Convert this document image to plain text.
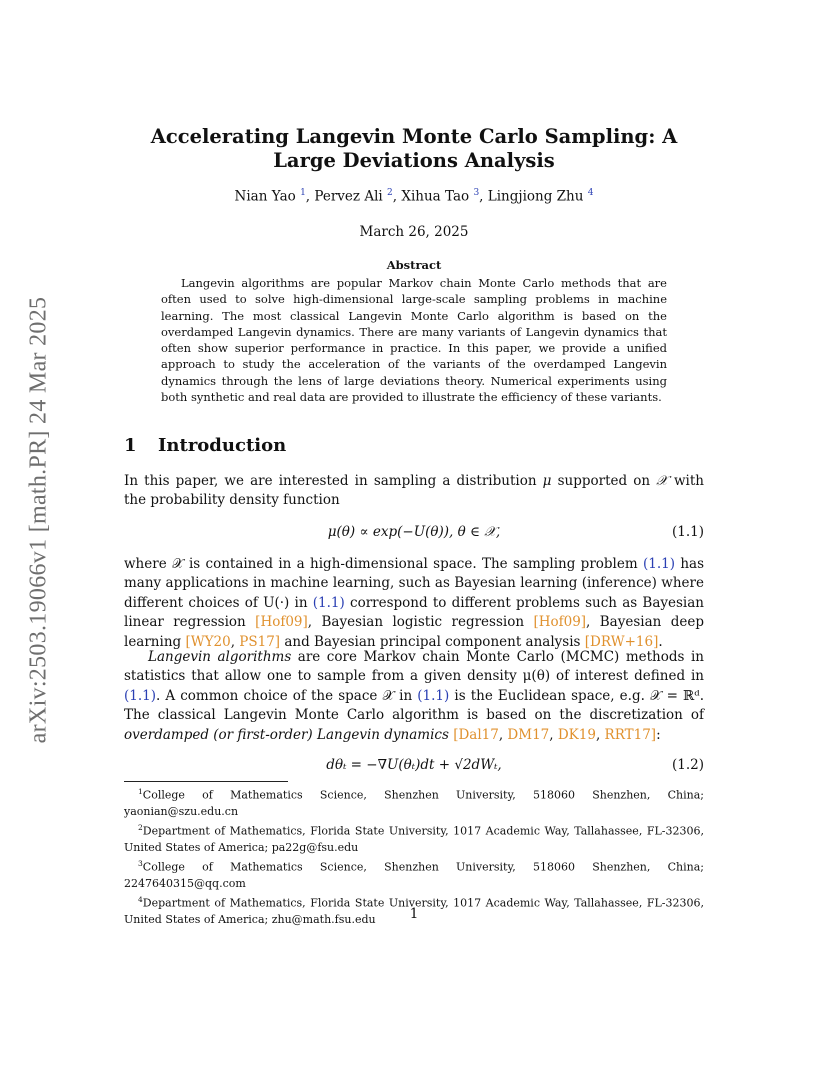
arXiv:2503.19066v1 [math.PR] 24 Mar 2025
Accelerating Langevin Monte Carlo Sampling: A Large Deviations Analysis
Nian Yao $^1$, Pervez Ali $^2$, Xihua Tao $^3$, Lingjiong Zhu $^4$
March 26, 2025
Abstract
Langevin algorithms are popular Markov chain Monte Carlo methods that are often used to solve high-dimensional large-scale sampling problems in machine learning. The most classical Langevin Monte Carlo algorithm is based on the overdamped Langevin dynamics. There are many variants of Langevin dynamics that often show superior performance in practice. In this paper, we provide a unified approach to study the acceleration of the variants of the overdamped Langevin dynamics through the lens of large deviations theory. Numerical experiments using both synthetic and real data are provided to illustrate the efficiency of these variants.
1 Introduction
In this paper, we are interested in sampling a distribution μ supported on 𝒳 with the probability density function
μ(θ) ∝ exp(−U(θ)), θ ∈ 𝒳,	(1.1)
where 𝒳 is contained in a high-dimensional space. The sampling problem (1.1) has many applications in machine learning, such as Bayesian learning (inference) where different choices of U(·) in (1.1) correspond to different problems such as Bayesian linear regression [Hof09], Bayesian logistic regression [Hof09], Bayesian deep learning [WY20, PS17] and Bayesian principal component analysis [DRW+16].
Langevin algorithms are core Markov chain Monte Carlo (MCMC) methods in statistics that allow one to sample from a given density μ(θ) of interest defined in (1.1). A common choice of the space 𝒳 in (1.1) is the Euclidean space, e.g. 𝒳 = ℝᵈ. The classical Langevin Monte Carlo algorithm is based on the discretization of overdamped (or first-order) Langevin dynamics [Dal17, DM17, DK19, RRT17]:
dθₜ = −∇U(θₜ)dt + √2dWₜ,	(1.2)
$^1$College of Mathematics Science, Shenzhen University, 518060 Shenzhen, China; yaonian@szu.edu.cn
$^2$Department of Mathematics, Florida State University, 1017 Academic Way, Tallahassee, FL-32306, United States of America; pa22g@fsu.edu
$^3$College of Mathematics Science, Shenzhen University, 518060 Shenzhen, China; 2247640315@qq.com
$^4$Department of Mathematics, Florida State University, 1017 Academic Way, Tallahassee, FL-32306, United States of America; zhu@math.fsu.edu	1
